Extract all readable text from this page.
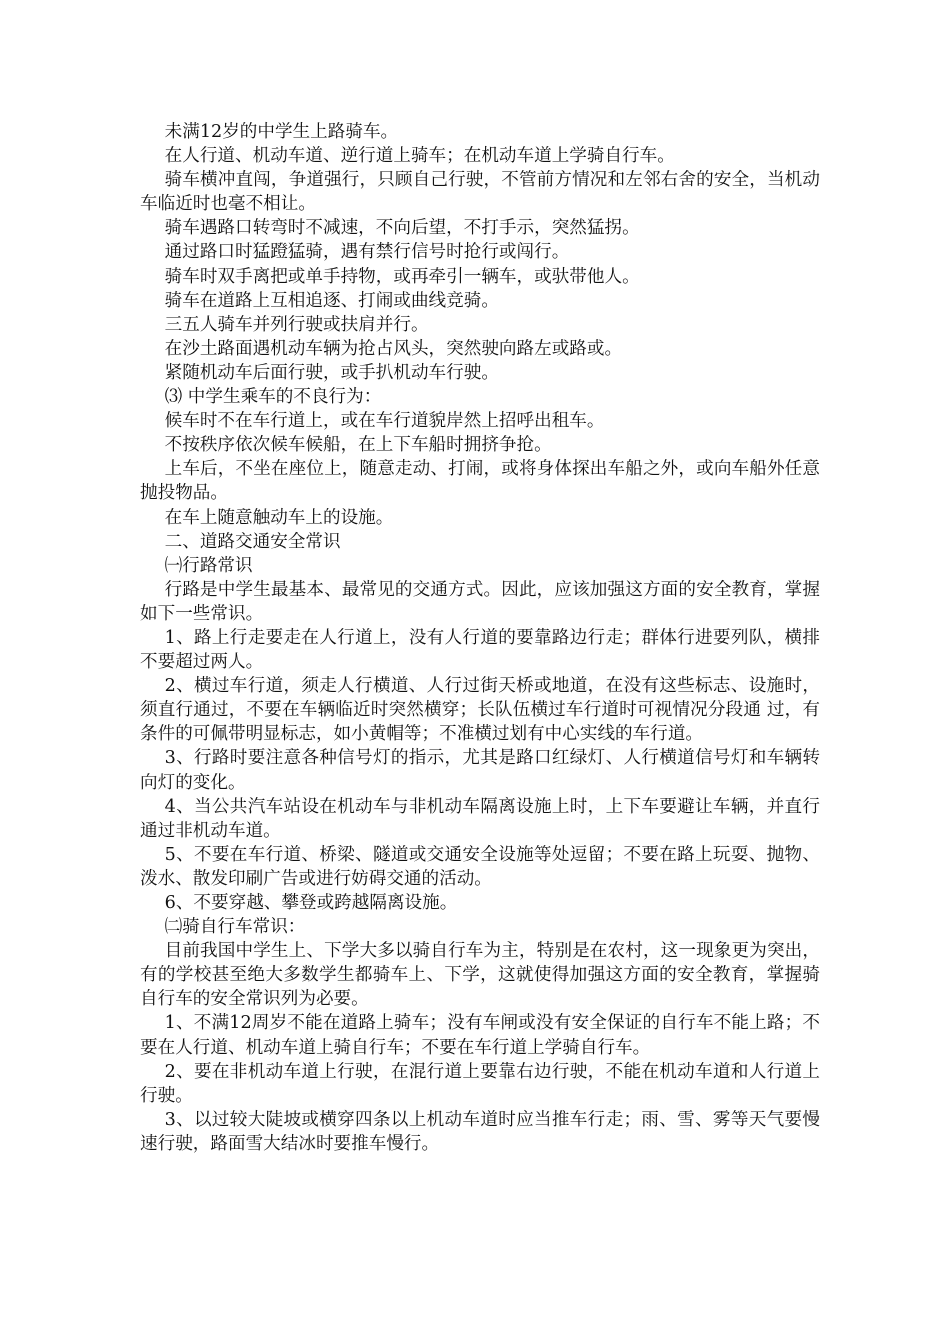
未满12岁的中学生上路骑车。

在人行道、机动车道、逆行道上骑车；在机动车道上学骑自行车。

骑车横冲直闯，争道强行，只顾自己行驶，不管前方情况和左邻右舍的安全，当机动车临近时也毫不相让。

骑车遇路口转弯时不减速，不向后望，不打手示，突然猛拐。

通过路口时猛蹬猛骑，遇有禁行信号时抢行或闯行。

骑车时双手离把或单手持物，或再牵引一辆车，或驮带他人。

骑车在道路上互相追逐、打闹或曲线竞骑。

三五人骑车并列行驶或扶肩并行。

在沙土路面遇机动车辆为抢占风头，突然驶向路左或路或。

紧随机动车后面行驶，或手扒机动车行驶。

⑶ 中学生乘车的不良行为：

候车时不在车行道上，或在车行道貌岸然上招呼出租车。

不按秩序依次候车候船，在上下车船时拥挤争抢。

上车后，不坐在座位上，随意走动、打闹，或将身体探出车船之外，或向车船外任意抛投物品。

在车上随意触动车上的设施。

二、道路交通安全常识

㈠行路常识

行路是中学生最基本、最常见的交通方式。因此，应该加强这方面的安全教育，掌握如下一些常识。

1、路上行走要走在人行道上，没有人行道的要靠路边行走；群体行进要列队，横排不要超过两人。

2、横过车行道，须走人行横道、人行过街天桥或地道，在没有这些标志、设施时，须直行通过，不要在车辆临近时突然横穿；长队伍横过车行道时可视情况分段通 过，有条件的可佩带明显标志，如小黄帽等；不准横过划有中心实线的车行道。

3、行路时要注意各种信号灯的指示，尤其是路口红绿灯、人行横道信号灯和车辆转向灯的变化。

4、当公共汽车站设在机动车与非机动车隔离设施上时，上下车要避让车辆，并直行通过非机动车道。

5、不要在车行道、桥梁、隧道或交通安全设施等处逗留；不要在路上玩耍、抛物、泼水、散发印刷广告或进行妨碍交通的活动。

6、不要穿越、攀登或跨越隔离设施。

㈡骑自行车常识：

目前我国中学生上、下学大多以骑自行车为主，特别是在农村，这一现象更为突出，有的学校甚至绝大多数学生都骑车上、下学，这就使得加强这方面的安全教育，掌握骑自行车的安全常识列为必要。

1、不满12周岁不能在道路上骑车；没有车闸或没有安全保证的自行车不能上路；不要在人行道、机动车道上骑自行车；不要在车行道上学骑自行车。

2、要在非机动车道上行驶，在混行道上要靠右边行驶，不能在机动车道和人行道上行驶。

3、以过较大陡坡或横穿四条以上机动车道时应当推车行走；雨、雪、雾等天气要慢速行驶，路面雪大结冰时要推车慢行。
